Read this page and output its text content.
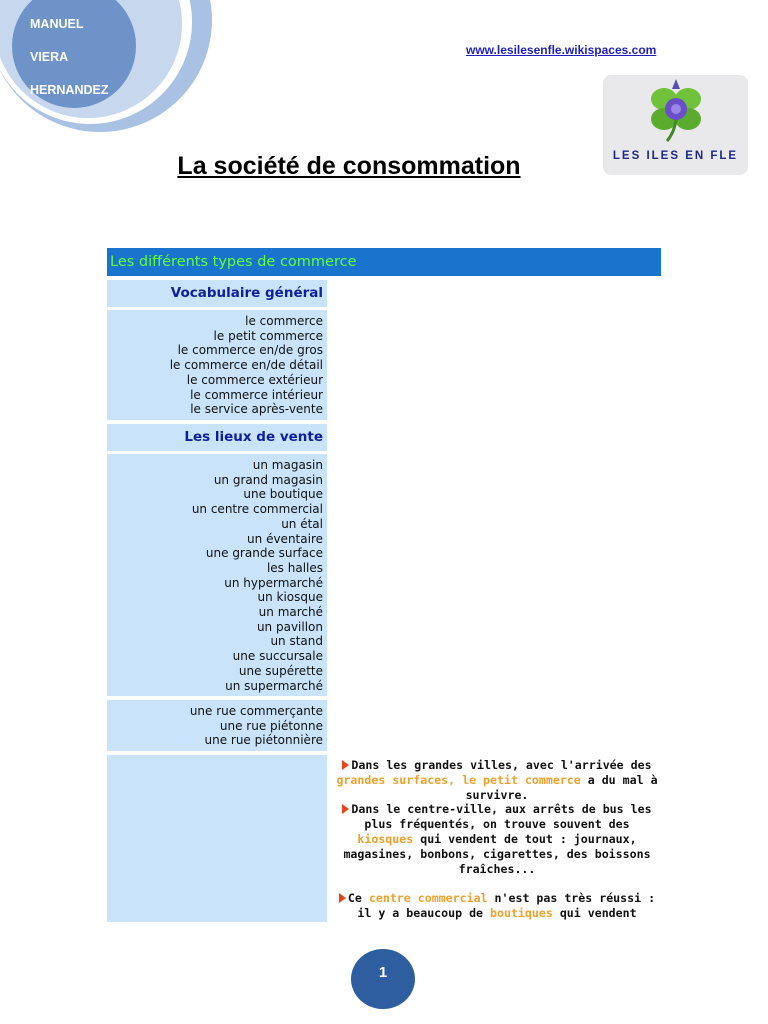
MANUEL
VIERA
HERNANDEZ
www.lesilesenfle.wikispaces.com
LES ILES EN FLE
La société de consommation
Les différents types de commerce
Vocabulaire général
le commerce
le petit commerce
le commerce en/de gros
le commerce en/de détail
le commerce extérieur
le commerce intérieur
le service après-vente
Les lieux de vente
un magasin
un grand magasin
une boutique
un centre commercial
un étal
un éventaire
une grande surface
les halles
un hypermarché
un kiosque
un marché
un pavillon
un stand
une succursale
une supérette
un supermarché
une rue commerçante
une rue piétonne
une rue piétonnière

Dans les grandes villes, avec l'arrivée des grandes surfaces, le petit commerce a du mal à survivre.

Dans le centre-ville, aux arrêts de bus les plus fréquentés, on trouve souvent des kiosques qui vendent de tout : journaux, magasines, bonbons, cigarettes, des boissons fraîches...

Ce centre commercial n'est pas très réussi : il y a beaucoup de boutiques qui vendent

1
